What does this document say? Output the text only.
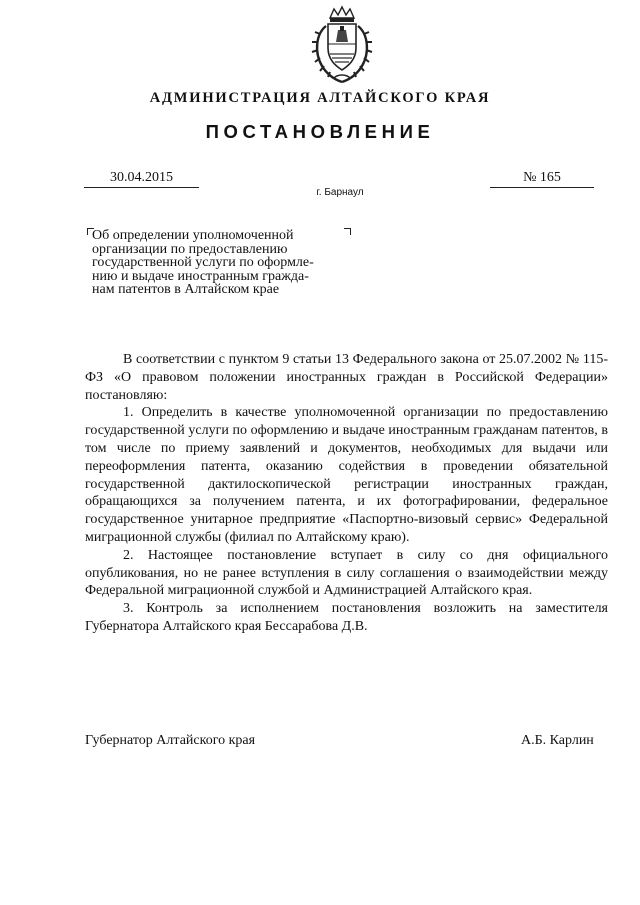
АДМИНИСТРАЦИЯ АЛТАЙСКОГО КРАЯ
ПОСТАНОВЛЕНИЕ
30.04.2015
г. Барнаул
№ 165
Об определении уполномоченной
организации по предоставлению
государственной услуги по оформле-
нию и выдаче иностранным гражда-
нам патентов в Алтайском крае

В соответствии с пунктом 9 статьи 13 Федерального закона от 25.07.2002 № 115-ФЗ «О правовом положении иностранных граждан в Российской Федерации» постановляю:

1. Определить в качестве уполномоченной организации по предоставлению государственной услуги по оформлению и выдаче иностранным гражданам патентов, в том числе по приему заявлений и документов, необходимых для выдачи или переоформления патента, оказанию содействия в проведении обязательной государственной дактилоскопической регистрации иностранных граждан, обращающихся за получением патента, и их фотографировании, федеральное государственное унитарное предприятие «Паспортно-визовый сервис» Федеральной миграционной службы (филиал по Алтайскому краю).

2. Настоящее постановление вступает в силу со дня официального опубликования, но не ранее вступления в силу соглашения о взаимодействии между Федеральной миграционной службой и Администрацией Алтайского края.

3. Контроль за исполнением постановления возложить на заместителя Губернатора Алтайского края Бессарабова Д.В.

Губернатор Алтайского края	А.Б. Карлин
